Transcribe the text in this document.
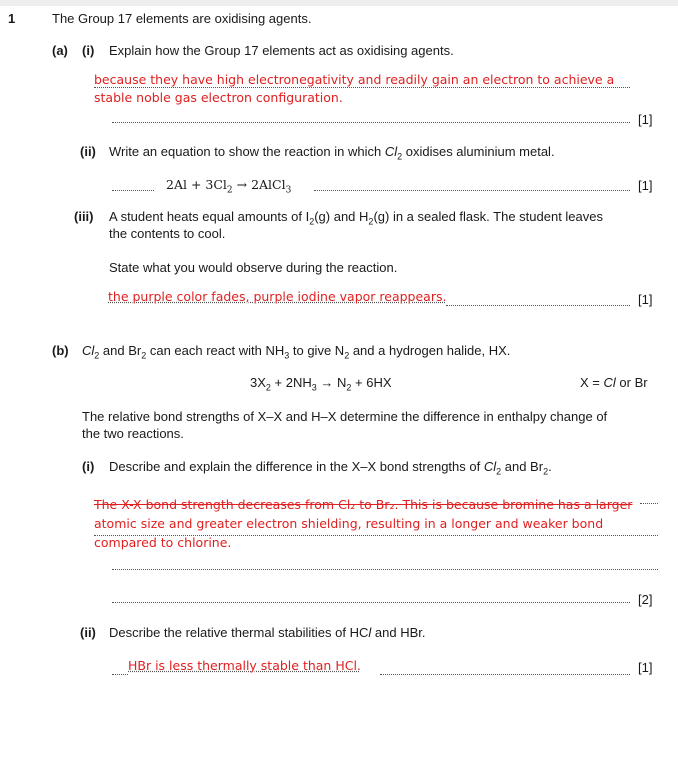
1	The Group 17 elements are oxidising agents.
(a) (i) Explain how the Group 17 elements act as oxidising agents.
because they have high electronegativity and readily gain an electron to achieve a
stable noble gas electron configuration.
[1]
(ii) Write an equation to show the reaction in which $Cl_2$ oxidises aluminium metal.
$2Al + 3Cl_2$ → 2AlCl$_3$	[1]
(iii) A student heats equal amounts of $I_2(g)$ and $H_2(g)$ in a sealed flask. The student leaves
the contents to cool.
State what you would observe during the reaction.
the purple color fades, purple iodine vapor reappears.	[1]
(b) $Cl_2$ and $Br_2$ can each react with $NH_3$ to give $N_2$ and a hydrogen halide, HX.
$3X_2 + 2NH_3 \to N_2 + 6HX$	X = Cl or Br
The relative bond strengths of X–X and H–X determine the difference in enthalpy change of
the two reactions.
(i) Describe and explain the difference in the X–X bond strengths of $Cl_2$ and $Br_2$.
The X-X bond strength decreases from Cl₂ to Br₂. This is because bromine has a larger
atomic size and greater electron shielding, resulting in a longer and weaker bond
compared to chlorine.
[2]
(ii) Describe the relative thermal stabilities of HCl and HBr.
HBr is less thermally stable than HCl.	[1]
